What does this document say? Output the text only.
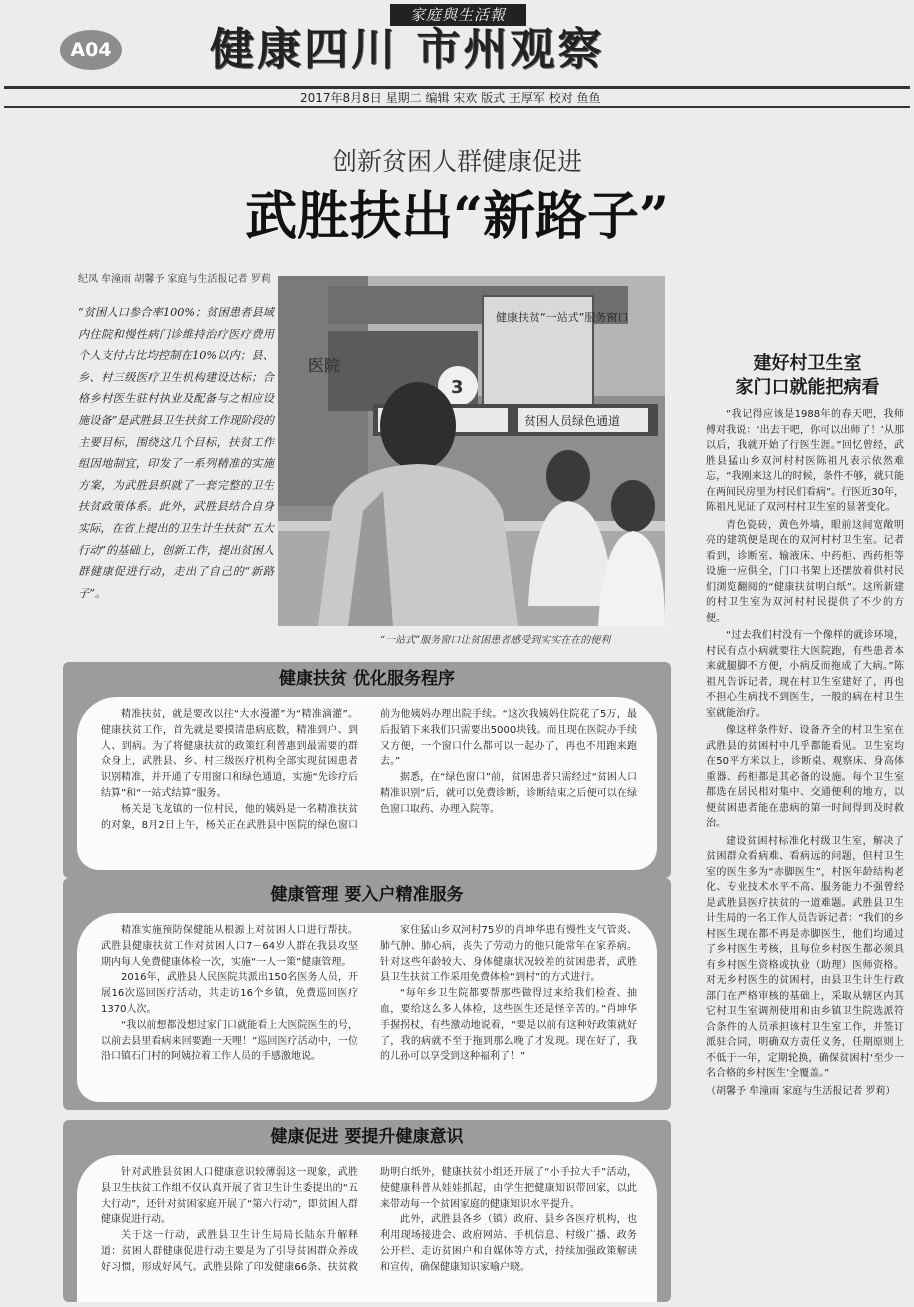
家庭與生活報
A04 健康四川 市州观察
2017年8月8日 星期二 编辑 宋欢 版式 王厚军 校对 鱼鱼
创新贫困人群健康促进
武胜扶出“新路子”
纪凤 牟潼雨 胡馨予 家庭与生活报记者 罗莉
“贫困人口参合率100%；贫困患者县域内住院和慢性病门诊维持治疗医疗费用个人支付占比均控制在10%以内；县、乡、村三级医疗卫生机构建设达标；合格乡村医生驻村执业及配备与之相应设施设备”是武胜县卫生扶贫工作现阶段的主要目标，围绕这几个目标，扶贫工作组因地制宜，印发了一系列精准的实施方案，为武胜县织就了一套完整的卫生扶贫政策体系。此外，武胜县结合自身实际，在省上提出的卫生计生扶贫“五大行动”的基础上，创新工作，提出贫困人群健康促进行动，走出了自己的“新路子”。
健康扶贫“一站式”服务窗口
3
贫困人员绿色通道
医院
“一站式”服务窗口让贫困患者感受到实实在在的便利
建好村卫生室
家门口就能把病看

“我记得应该是1988年的春天吧，我师傅对我说：‘出去干吧，你可以出师了！’从那以后，我就开始了行医生涯。”回忆曾经，武胜县猛山乡双河村村医陈祖凡表示依然难忘，“我刚来这儿的时候，条件不够，就只能在两间民房里为村民们看病”。行医近30年，陈祖凡见证了双河村村卫生室的显著变化。

青色瓷砖，黄色外墙，眼前这间宽敞明亮的建筑便是现在的双河村村卫生室。记者看到，诊断室、输液床、中药柜、西药柜等设施一应俱全，门口书架上还摆放着供村民们浏览翻阅的“健康扶贫明白纸”。这所新建的村卫生室为双河村村民提供了不少的方便。

“过去我们村没有一个像样的就诊环境，村民有点小病就要往大医院跑，有些患者本来就腿脚不方便，小病反而拖成了大病。”陈祖凡告诉记者，现在村卫生室建好了，再也不担心生病找不到医生，一般的病在村卫生室就能治疗。

像这样条件好、设备齐全的村卫生室在武胜县的贫困村中几乎都能看见。卫生室均在50平方米以上，诊断桌、观察床、身高体重器、药柜都是其必备的设施。每个卫生室都选在居民相对集中、交通便利的地方，以便贫困患者能在患病的第一时间得到及时救治。

建设贫困村标准化村级卫生室，解决了贫困群众看病难、看病远的问题，但村卫生室的医生多为“赤脚医生”，村医年龄结构老化、专业技术水平不高、服务能力不强曾经是武胜县医疗扶贫的一道难题。武胜县卫生计生局的一名工作人员告诉记者：“我们的乡村医生现在都不再是赤脚医生，他们均通过了乡村医生考核，且每位乡村医生都必须具有乡村医生资格或执业（助理）医师资格。对无乡村医生的贫困村，由县卫生计生行政部门在严格审核的基础上，采取从辖区内其它村卫生室调剂使用和由乡镇卫生院选派符合条件的人员承担该村卫生室工作，并签订派驻合同，明确双方责任义务，任期原则上不低于一年，定期轮换，确保贫困村‘至少一名合格的乡村医生’全覆盖。”

（胡馨予 牟潼雨 家庭与生活报记者 罗莉）

健康扶贫 优化服务程序

精准扶贫，就是要改以往“大水漫灌”为“精准滴灌”。健康扶贫工作，首先就是要摸清患病底数，精准到户、到人、到病。为了将健康扶贫的政策红利普惠到最需要的群众身上，武胜县、乡、村三级医疗机构全部实现贫困患者识别精准，并开通了专用窗口和绿色通道，实施“先诊疗后结算”和“一站式结算”服务。

杨关是飞龙镇的一位村民，他的姨妈是一名精准扶贫的对象，8月2日上午，杨关正在武胜县中医院的绿色窗口前为他姨妈办理出院手续。“这次我姨妈住院花了5万，最后报销下来我们只需要出5000块钱。而且现在医院办手续又方便，一个窗口什么都可以一起办了，再也不用跑来跑去。”

据悉，在“绿色窗口”前，贫困患者只需经过“贫困人口精准识别”后，就可以免费诊断，诊断结束之后便可以在绿色窗口取药、办理入院等。

健康管理 要入户精准服务

精准实施预防保健能从根源上对贫困人口进行帮扶。武胜县健康扶贫工作对贫困人口7－64岁人群在我县攻坚期内每人免费健康体检一次，实施“一人一策”健康管理。

2016年，武胜县人民医院共派出150名医务人员，开展16次巡回医疗活动，共走访16个乡镇，免费巡回医疗1370人次。

“我以前想都没想过家门口就能看上大医院医生的号，以前去县里看病来回要跑一天哩！”巡回医疗活动中，一位沿口镇石门村的阿姨拉着工作人员的手感激地说。

家住猛山乡双河村75岁的肖坤华患有慢性支气管炎、肺气肿、肺心病，丧失了劳动力的他只能常年在家养病。针对这些年龄较大、身体健康状况较差的贫困患者，武胜县卫生扶贫工作采用免费体检“到村”的方式进行。

“每年乡卫生院都要帮那些做得过来给我们检查、抽血，要给这么多人体检，这些医生还是怪辛苦的。”肖坤华手握拐杖，有些激动地说着，“要是以前有这种好政策就好了，我的病就不至于拖到那么晚了才发现。现在好了，我的儿孙可以享受到这种福利了！”

健康促进 要提升健康意识

针对武胜县贫困人口健康意识较薄弱这一现象，武胜县卫生扶贫工作组不仅认真开展了省卫生计生委提出的“五大行动”，还针对贫困家庭开展了“第六行动”，即贫困人群健康促进行动。

关于这一行动，武胜县卫生计生局局长陆东升解释道：贫困人群健康促进行动主要是为了引导贫困群众养成好习惯，形成好风气。武胜县除了印发健康66条、扶贫救助明白纸外，健康扶贫小组还开展了“小手拉大手”活动，使健康科普从娃娃抓起，由学生把健康知识带回家，以此来带动每一个贫困家庭的健康知识水平提升。

此外，武胜县各乡（镇）政府、县乡各医疗机构，也利用现场接进会、政府网站、手机信息、村级广播、政务公开栏、走访贫困户和自媒体等方式，持续加强政策解读和宣传，确保健康知识家喻户晓。
